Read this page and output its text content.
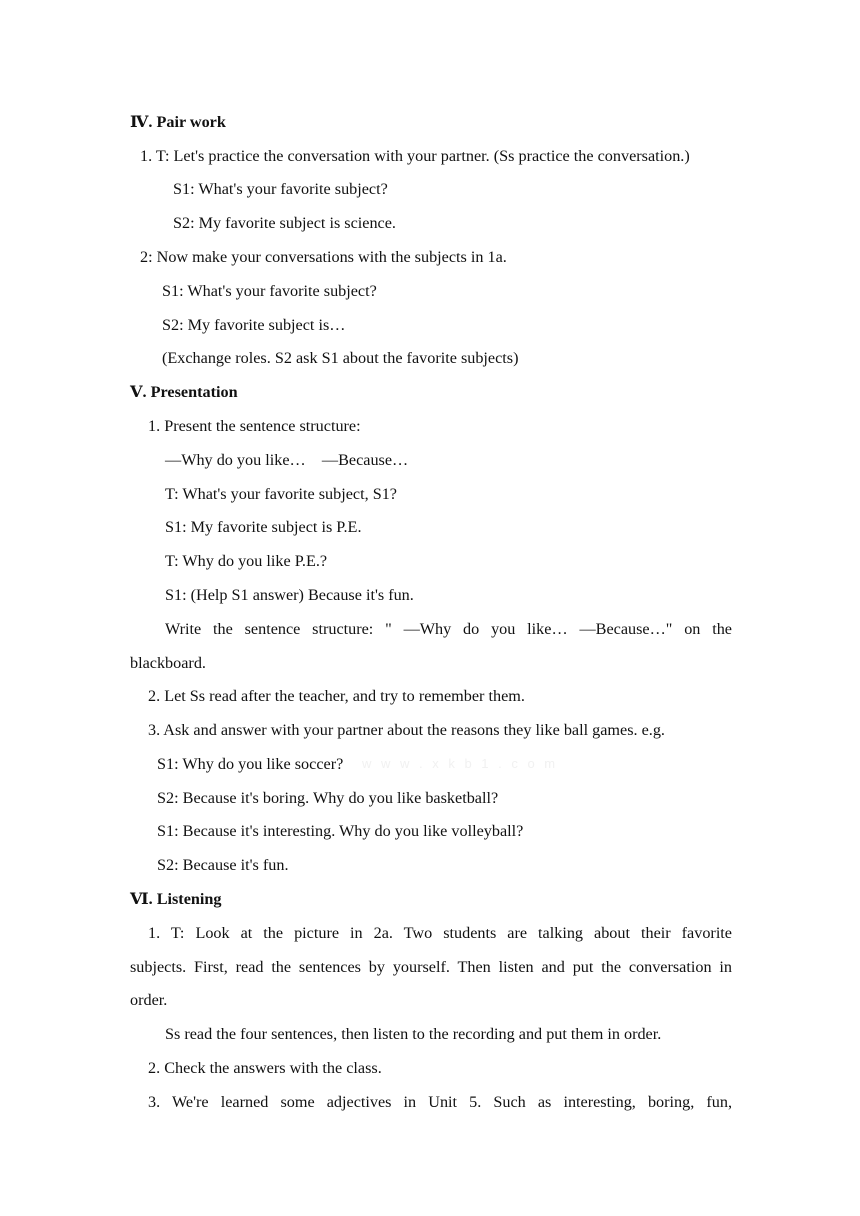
Ⅳ. Pair work
1. T: Let's practice the conversation with your partner. (Ss practice the conversation.)
S1: What's your favorite subject?
S2: My favorite subject is science.
2: Now make your conversations with the subjects in 1a.
S1: What's your favorite subject?
S2: My favorite subject is…
(Exchange roles. S2 ask S1 about the favorite subjects)
Ⅴ. Presentation
1. Present the sentence structure:
—Why do you like…    —Because…
T: What's your favorite subject, S1?
S1: My favorite subject is P.E.
T: Why do you like P.E.?
S1: (Help S1 answer) Because it's fun.
Write the sentence structure: " —Why do you like… —Because…" on the
blackboard.
2. Let Ss read after the teacher, and try to remember them.
3. Ask and answer with your partner about the reasons they like ball games. e.g.
S1: Why do you like soccer? w w w . x k b 1 . c o m
S2: Because it's boring. Why do you like basketball?
S1: Because it's interesting. Why do you like volleyball?
S2: Because it's fun.
Ⅵ. Listening
1. T: Look at the picture in 2a. Two students are talking about their favorite
subjects. First, read the sentences by yourself. Then listen and put the conversation in
order.
Ss read the four sentences, then listen to the recording and put them in order.
2. Check the answers with the class.
3. We're learned some adjectives in Unit 5. Such as interesting, boring, fun,
